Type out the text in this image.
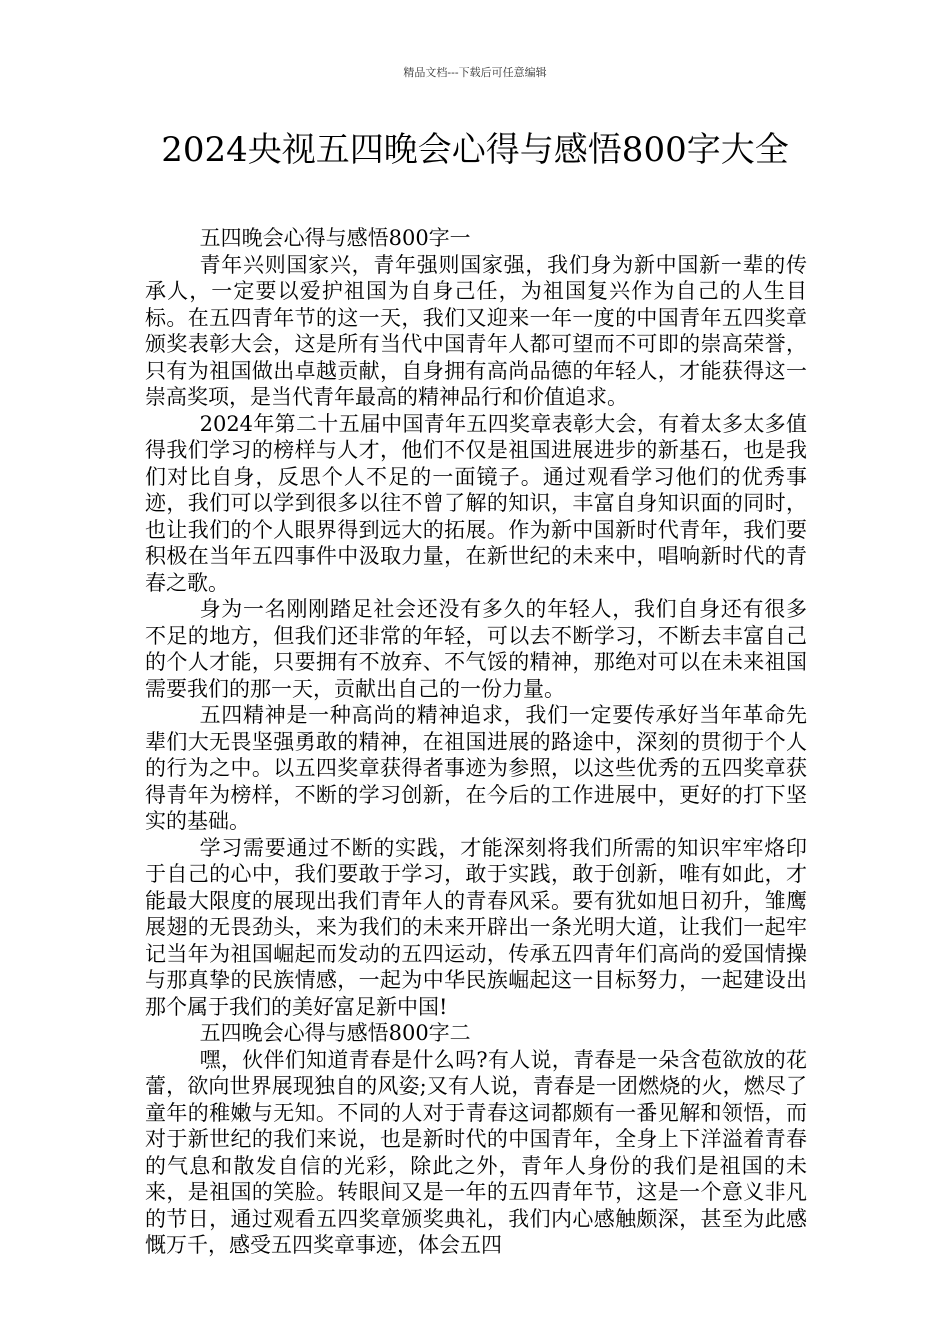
精品文档---下载后可任意编辑
2024央视五四晚会心得与感悟800字大全

五四晚会心得与感悟800字一

青年兴则国家兴，青年强则国家强，我们身为新中国新一辈的传承人，一定要以爱护祖国为自身己任，为祖国复兴作为自己的人生目标。在五四青年节的这一天，我们又迎来一年一度的中国青年五四奖章颁奖表彰大会，这是所有当代中国青年人都可望而不可即的崇高荣誉，只有为祖国做出卓越贡献，自身拥有高尚品德的年轻人，才能获得这一崇高奖项，是当代青年最高的精神品行和价值追求。

2024年第二十五届中国青年五四奖章表彰大会，有着太多太多值得我们学习的榜样与人才，他们不仅是祖国进展进步的新基石，也是我们对比自身，反思个人不足的一面镜子。通过观看学习他们的优秀事迹，我们可以学到很多以往不曾了解的知识，丰富自身知识面的同时，也让我们的个人眼界得到远大的拓展。作为新中国新时代青年，我们要积极在当年五四事件中汲取力量，在新世纪的未来中，唱响新时代的青春之歌。

身为一名刚刚踏足社会还没有多久的年轻人，我们自身还有很多不足的地方，但我们还非常的年轻，可以去不断学习，不断去丰富自己的个人才能，只要拥有不放弃、不气馁的精神，那绝对可以在未来祖国需要我们的那一天，贡献出自己的一份力量。

五四精神是一种高尚的精神追求，我们一定要传承好当年革命先辈们大无畏坚强勇敢的精神，在祖国进展的路途中，深刻的贯彻于个人的行为之中。以五四奖章获得者事迹为参照，以这些优秀的五四奖章获得青年为榜样，不断的学习创新，在今后的工作进展中，更好的打下坚实的基础。

学习需要通过不断的实践，才能深刻将我们所需的知识牢牢烙印于自己的心中，我们要敢于学习，敢于实践，敢于创新，唯有如此，才能最大限度的展现出我们青年人的青春风采。要有犹如旭日初升，雏鹰展翅的无畏劲头，来为我们的未来开辟出一条光明大道，让我们一起牢记当年为祖国崛起而发动的五四运动，传承五四青年们高尚的爱国情操与那真挚的民族情感，一起为中华民族崛起这一目标努力，一起建设出那个属于我们的美好富足新中国!

五四晚会心得与感悟800字二

嘿，伙伴们知道青春是什么吗?有人说，青春是一朵含苞欲放的花蕾，欲向世界展现独自的风姿;又有人说，青春是一团燃烧的火，燃尽了童年的稚嫩与无知。不同的人对于青春这词都颇有一番见解和领悟，而对于新世纪的我们来说，也是新时代的中国青年，全身上下洋溢着青春的气息和散发自信的光彩，除此之外，青年人身份的我们是祖国的未来，是祖国的笑脸。转眼间又是一年的五四青年节，这是一个意义非凡的节日，通过观看五四奖章颁奖典礼，我们内心感触颇深，甚至为此感慨万千，感受五四奖章事迹，体会五四
